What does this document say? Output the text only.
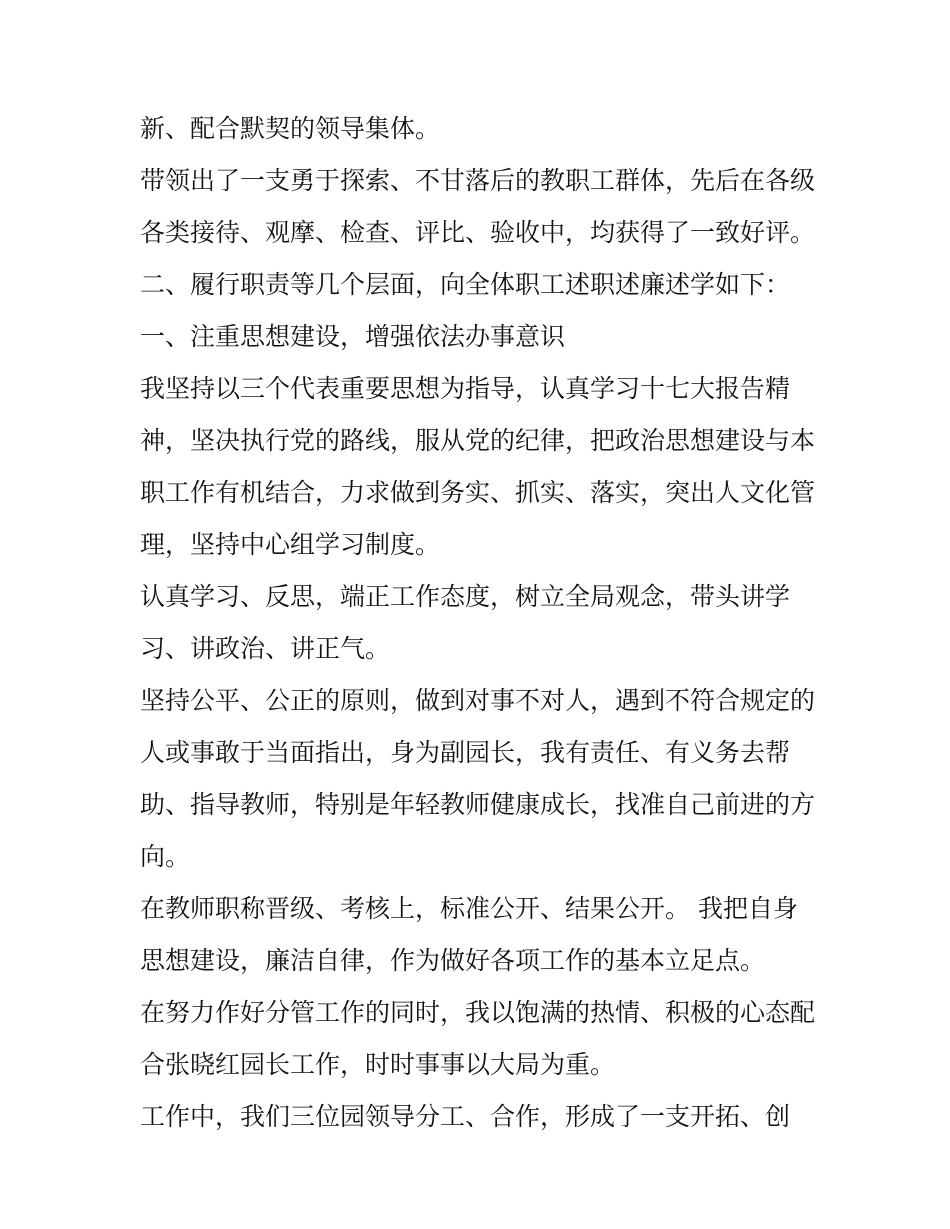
新、配合默契的领导集体。
带领出了一支勇于探索、不甘落后的教职工群体，先后在各级
各类接待、观摩、检查、评比、验收中，均获得了一致好评。
二、履行职责等几个层面，向全体职工述职述廉述学如下：
一、注重思想建设，增强依法办事意识
我坚持以三个代表重要思想为指导，认真学习十七大报告精
神，坚决执行党的路线，服从党的纪律，把政治思想建设与本
职工作有机结合，力求做到务实、抓实、落实，突出人文化管
理，坚持中心组学习制度。
认真学习、反思，端正工作态度，树立全局观念，带头讲学
习、讲政治、讲正气。
坚持公平、公正的原则，做到对事不对人，遇到不符合规定的
人或事敢于当面指出，身为副园长，我有责任、有义务去帮
助、指导教师，特别是年轻教师健康成长，找准自己前进的方
向。
在教师职称晋级、考核上，标准公开、结果公开。 我把自身
思想建设，廉洁自律，作为做好各项工作的基本立足点。
在努力作好分管工作的同时，我以饱满的热情、积极的心态配
合张晓红园长工作，时时事事以大局为重。
工作中，我们三位园领导分工、合作，形成了一支开拓、创
